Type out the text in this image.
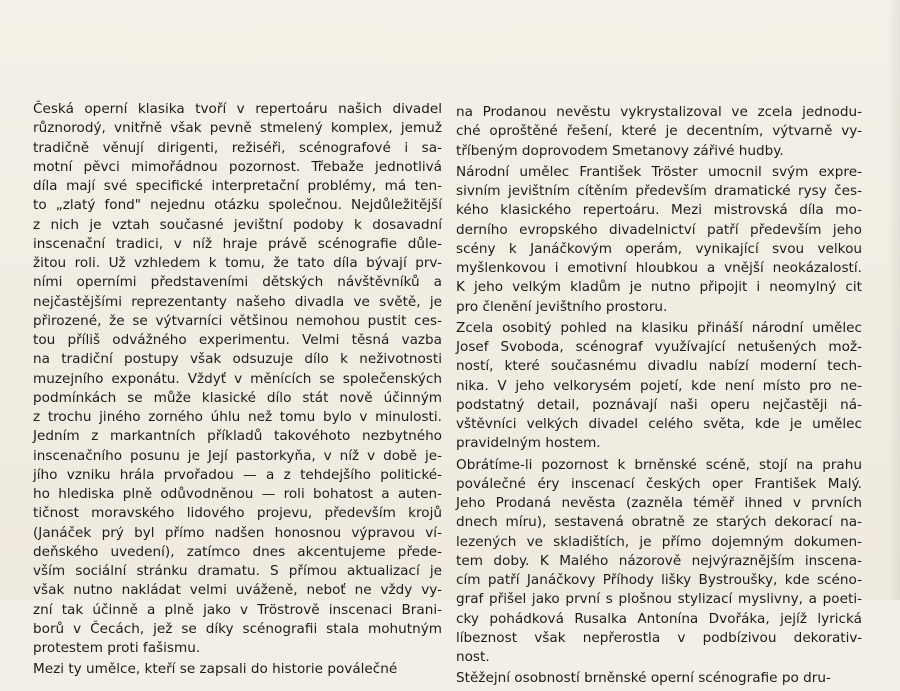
Česká operní klasika tvoří v repertoáru našich divadel
různorodý, vnitřně však pevně stmelený komplex, jemuž
tradičně věnují dirigenti, režiséři, scénografové i sa-
motní pěvci mimořádnou pozornost. Třebaže jednotlivá
díla mají své specifické interpretační problémy, má ten-
to „zlatý fond" nejednu otázku společnou. Nejdůležitější
z nich je vztah současné jevištní podoby k dosavadní
inscenační tradici, v níž hraje právě scénografie důle-
žitou roli. Už vzhledem k tomu, že tato díla bývají prv-
ními operními představeními dětských návštěvníků a
nejčastějšími reprezentanty našeho divadla ve světě, je
přirozené, že se výtvarníci většinou nemohou pustit ces-
tou příliš odvážného experimentu. Velmi těsná vazba
na tradiční postupy však odsuzuje dílo k neživotnosti
muzejního exponátu. Vždyť v měnících se společenských
podmínkách se může klasické dílo stát nově účinným
z trochu jiného zorného úhlu než tomu bylo v minulosti.
Jedním z markantních příkladů takovéhoto nezbytného
inscenačního posunu je Její pastorkyňa, v níž v době je-
jího vzniku hrála prvořadou — a z tehdejšího politické-
ho hlediska plně odůvodněnou — roli bohatost a auten-
tičnost moravského lidového projevu, především krojů
(Janáček prý byl přímo nadšen honosnou výpravou ví-
deňského uvedení), zatímco dnes akcentujeme přede-
vším sociální stránku dramatu. S přímou aktualizací je
však nutno nakládat velmi uváženě, neboť ne vždy vy-
zní tak účinně a plně jako v Tröstrově inscenaci Brani-
borů v Čecách, jež se díky scénografii stala mohutným
protestem proti fašismu.

Mezi ty umělce, kteří se zapsali do historie poválečné

na Prodanou nevěstu vykrystalizoval ve zcela jednodu-
ché oproštěné řešení, které je decentním, výtvarně vy-
tříbeným doprovodem Smetanovy zářivé hudby.

Národní umělec František Tröster umocnil svým expre-
sivním jevištním cítěním především dramatické rysy čes-
kého klasického repertoáru. Mezi mistrovská díla mo-
derního evropského divadelnictví patří především jeho
scény k Janáčkovým operám, vynikající svou velkou
myšlenkovou i emotivní hloubkou a vnější neokázalostí.
K jeho velkým kladům je nutno připojit i neomylný cit
pro členění jevištního prostoru.

Zcela osobitý pohled na klasiku přináší národní umělec
Josef Svoboda, scénograf využívající netušených mož-
ností, které současnému divadlu nabízí moderní tech-
nika. V jeho velkorysém pojetí, kde není místo pro ne-
podstatný detail, poznávají naši operu nejčastěji ná-
vštěvníci velkých divadel celého světa, kde je umělec
pravidelným hostem.

Obrátíme-li pozornost k brněnské scéně, stojí na prahu
poválečné éry inscenací českých oper František Malý.
Jeho Prodaná nevěsta (zazněla téměř ihned v prvních
dnech míru), sestavená obratně ze starých dekorací na-
lezených ve skladištích, je přímo dojemným dokumen-
tem doby. K Malého názorově nejvýraznějším inscena-
cím patří Janáčkovy Příhody lišky Bystroušky, kde scéno-
graf přišel jako první s plošnou stylizací myslivny, a poeti-
cky pohádková Rusalka Antonína Dvořáka, jejíž lyrická
líbeznost však nepřerostla v podbízivou dekorativ-
nost.

Stěžejní osobností brněnské operní scénografie po dru-
